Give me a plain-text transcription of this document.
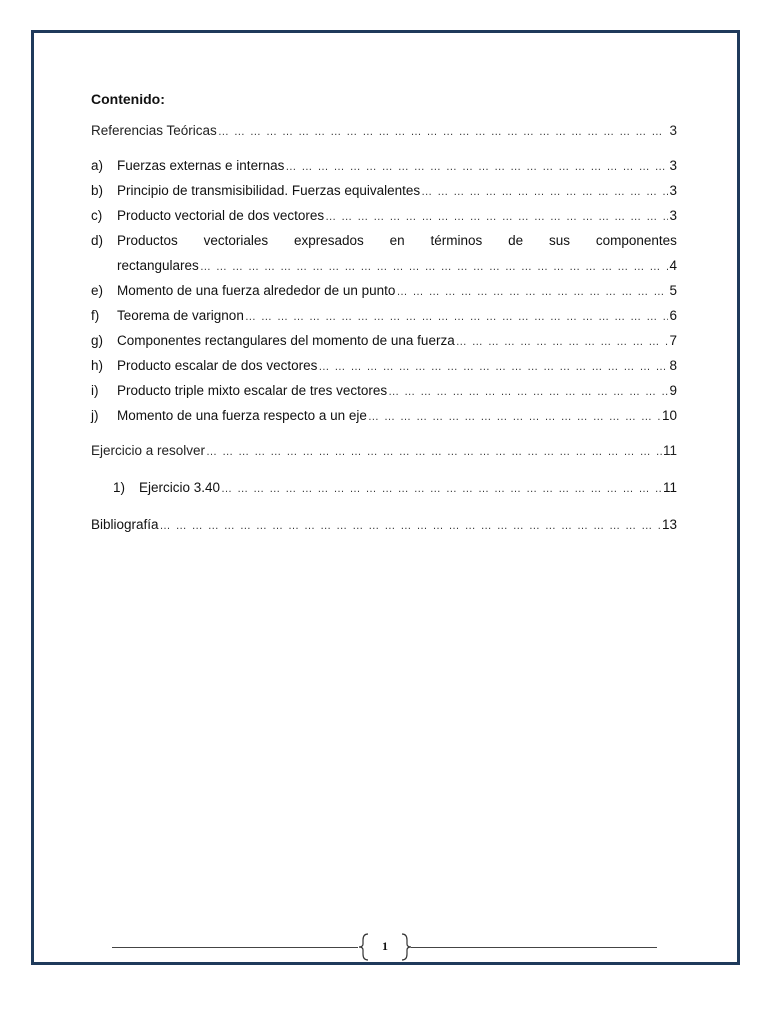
Contenido:
Referencias Teóricas … … … … … … … … … … … … … … … … … … … … … … … … … … … … … … … … … … … … … … … … … … … … … … … … …	3
a)	Fuerzas externas e internas … … … … … … … … … … … … … … … … … … … … … … … … … … … … … … … … … … … … … … … … … … … … … … … … …	3
b)	Principio de transmisibilidad. Fuerzas equivalentes … … … … … … … … … … … … … … … … … … … … … … … … … … … … … … … … … … … … … … … … … … … … … … … … …	3
c)	Producto vectorial de dos vectores … … … … … … … … … … … … … … … … … … … … … … … … … … … … … … … … … … … … … … … … … … … … … … … … …	3
d)	Productos vectoriales expresados en términos de sus componentes
rectangulares … … … … … … … … … … … … … … … … … … … … … … … … … … … … … … … … … … … … … … … … … … … … … … … … …	4
e)	Momento de una fuerza alrededor de un punto … … … … … … … … … … … … … … … … … … … … … … … … … … … … … … … … … … … … … … … … … … … … … … … … …	5
f)	Teorema de varignon … … … … … … … … … … … … … … … … … … … … … … … … … … … … … … … … … … … … … … … … … … … … … … … … …	6
g)	Componentes rectangulares del momento de una fuerza … … … … … … … … … … … … … … … … … … … … … … … … … … … … … … … … … … … … … … … … … … … … … … … … …	7
h)	Producto escalar de dos vectores … … … … … … … … … … … … … … … … … … … … … … … … … … … … … … … … … … … … … … … … … … … … … … … … …	8
i)	Producto triple mixto escalar de tres vectores … … … … … … … … … … … … … … … … … … … … … … … … … … … … … … … … … … … … … … … … … … … … … … … … …	9
j)	Momento de una fuerza respecto a un eje … … … … … … … … … … … … … … … … … … … … … … … … … … … … … … … … … … … … … … … … … … … … … … … … …	10
Ejercicio a resolver … … … … … … … … … … … … … … … … … … … … … … … … … … … … … … … … … … … … … … … … … … … … … … … … …	11
1)	Ejercicio 3.40 … … … … … … … … … … … … … … … … … … … … … … … … … … … … … … … … … … … … … … … … … … … … … … … … …	11
Bibliografía … … … … … … … … … … … … … … … … … … … … … … … … … … … … … … … … … … … … … … … … … … … … … … … … …	13
1
